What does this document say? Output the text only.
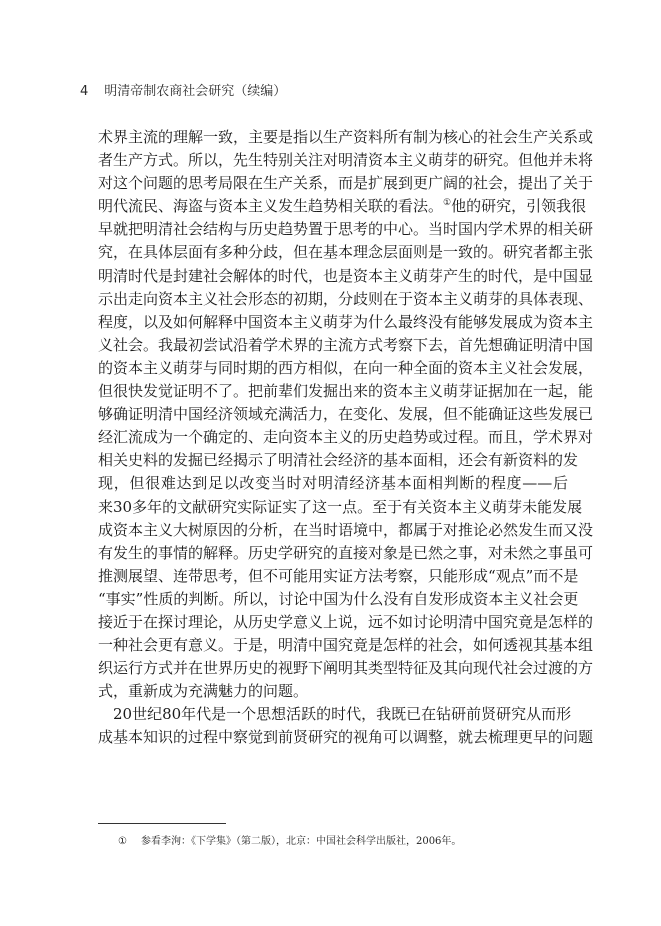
4 明清帝制农商社会研究（续编）
术界主流的理解一致，主要是指以生产资料所有制为核心的社会生产关系或
者生产方式。所以，先生特别关注对明清资本主义萌芽的研究。但他并未将
对这个问题的思考局限在生产关系，而是扩展到更广阔的社会，提出了关于
明代流民、海盗与资本主义发生趋势相关联的看法。①他的研究，引领我很
早就把明清社会结构与历史趋势置于思考的中心。当时国内学术界的相关研
究，在具体层面有多种分歧，但在基本理念层面则是一致的。研究者都主张
明清时代是封建社会解体的时代，也是资本主义萌芽产生的时代，是中国显
示出走向资本主义社会形态的初期，分歧则在于资本主义萌芽的具体表现、
程度，以及如何解释中国资本主义萌芽为什么最终没有能够发展成为资本主
义社会。我最初尝试沿着学术界的主流方式考察下去，首先想确证明清中国
的资本主义萌芽与同时期的西方相似，在向一种全面的资本主义社会发展，
但很快发觉证明不了。把前辈们发掘出来的资本主义萌芽证据加在一起，能
够确证明清中国经济领域充满活力，在变化、发展，但不能确证这些发展已
经汇流成为一个确定的、走向资本主义的历史趋势或过程。而且，学术界对
相关史料的发掘已经揭示了明清社会经济的基本面相，还会有新资料的发
现，但很难达到足以改变当时对明清经济基本面相判断的程度——后
来30多年的文献研究实际证实了这一点。至于有关资本主义萌芽未能发展
成资本主义大树原因的分析，在当时语境中，都属于对推论必然发生而又没
有发生的事情的解释。历史学研究的直接对象是已然之事，对未然之事虽可
推测展望、连带思考，但不可能用实证方法考察，只能形成“观点”而不是
“事实”性质的判断。所以，讨论中国为什么没有自发形成资本主义社会更
接近于在探讨理论，从历史学意义上说，远不如讨论明清中国究竟是怎样的
一种社会更有意义。于是，明清中国究竟是怎样的社会，如何透视其基本组
织运行方式并在世界历史的视野下阐明其类型特征及其向现代社会过渡的方
式，重新成为充满魅力的问题。
20世纪80年代是一个思想活跃的时代，我既已在钻研前贤研究从而形
成基本知识的过程中察觉到前贤研究的视角可以调整，就去梳理更早的问题
① 参看李洵：《下学集》（第二版），北京：中国社会科学出版社，2006年。
